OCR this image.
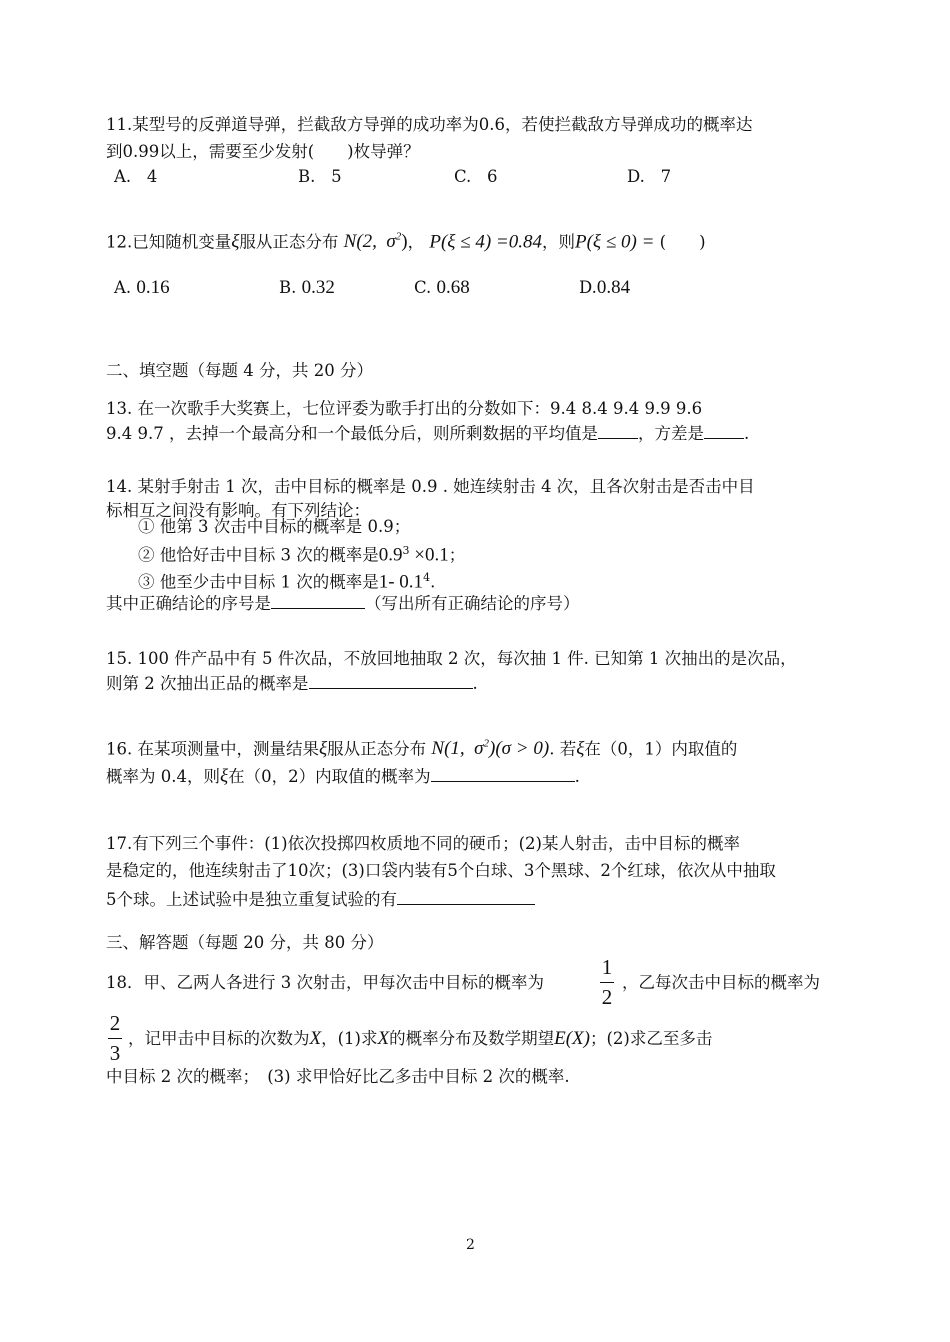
11.某型号的反弹道导弹，拦截敌方导弹的成功率为0.6，若使拦截敌方导弹成功的概率达
到0.99以上，需要至少发射(　　)枚导弹？
A. 4	B. 5	C. 6	D. 7
12.已知随机变量ξ服从正态分布 N(2, $\sigma^2$)， P(ξ ≤ 4) =0.84，则P(ξ ≤ 0) = (　　)
A. 0.16	B. 0.32	C. 0.68	D.0.84
二、填空题（每题 4 分，共 20 分）
13. 在一次歌手大奖赛上，七位评委为歌手打出的分数如下：9.4 8.4 9.4 9.9 9.6
9.4 9.7 ，去掉一个最高分和一个最低分后，则所剩数据的平均值是 ，方差是 .
14. 某射手射击 1 次，击中目标的概率是 0.9 . 她连续射击 4 次，且各次射击是否击中目
标相互之间没有影响。有下列结论：
① 他第 3 次击中目标的概率是 0.9；
② 他恰好击中目标 3 次的概率是$0.9^3 \times 0.1$；
③ 他至少击中目标 1 次的概率是1- $0.1^4$.
其中正确结论的序号是	（写出所有正确结论的序号）
15. 100 件产品中有 5 件次品，不放回地抽取 2 次，每次抽 1 件. 已知第 1 次抽出的是次品，
则第 2 次抽出正品的概率是	.
16. 在某项测量中，测量结果ξ服从正态分布 N(1, $\sigma^2)(\sigma > 0)$. 若ξ在（0，1）内取值的
概率为 0.4，则ξ在（0，2）内取值的概率为	.
17.有下列三个事件：(1)依次投掷四枚质地不同的硬币；(2)某人射击，击中目标的概率
是稳定的，他连续射击了10次；(3)口袋内装有5个白球、3个黑球、2个红球，依次从中抽取
5个球。上述试验中是独立重复试验的有
三、解答题（每题 20 分，共 80 分）
18．甲、乙两人各进行 3 次射击，甲每次击中目标的概率为
1
2
，乙每次击中目标的概率为
2
3
，记甲击中目标的次数为X，(1)求X的概率分布及数学期望E(X)；(2)求乙至多击
中目标 2 次的概率；　(3) 求甲恰好比乙多击中目标 2 次的概率.
2
